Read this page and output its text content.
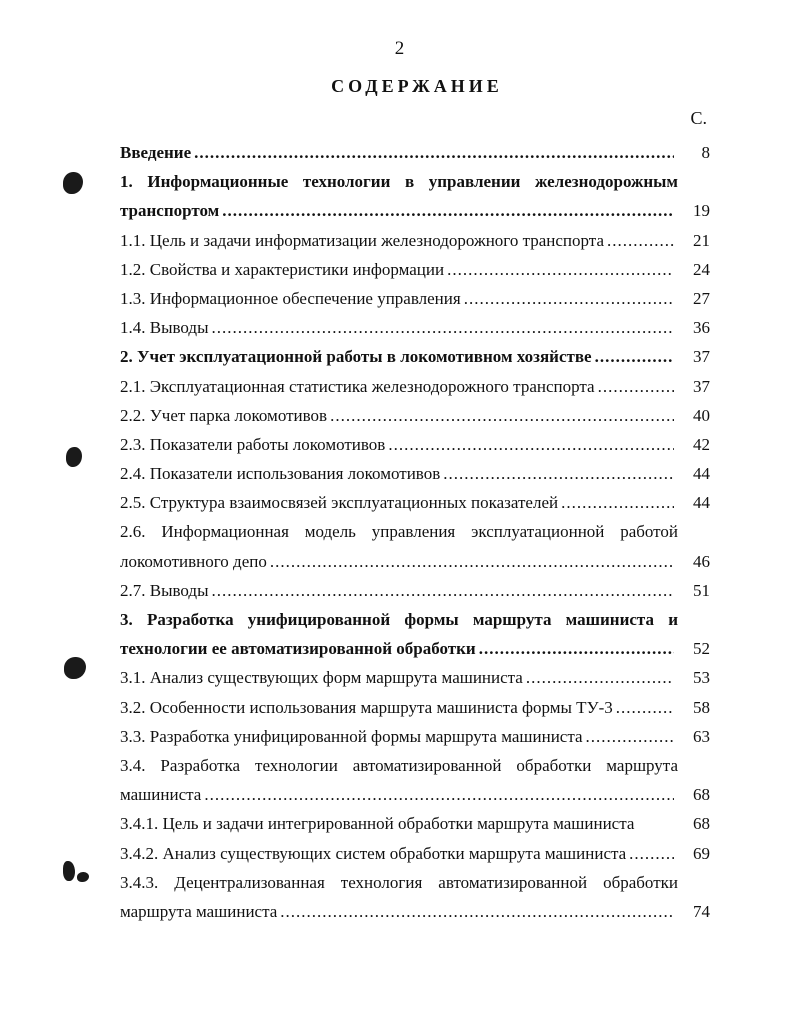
2
СОДЕРЖАНИЕ
С.
Введение .....	8
1. Информационные технологии в управлении железнодорожным
транспортом .....	19
1.1. Цель и задачи информатизации железнодорожного транспорта .....	21
1.2. Свойства и характеристики информации .....	24
1.3. Информационное обеспечение управления .....	27
1.4. Выводы .....	36
2. Учет эксплуатационной работы в локомотивном хозяйстве .....	37
2.1. Эксплуатационная статистика железнодорожного транспорта .....	37
2.2. Учет парка локомотивов .....	40
2.3. Показатели работы локомотивов .....	42
2.4. Показатели использования локомотивов .....	44
2.5. Структура взаимосвязей эксплуатационных показателей .....	44
2.6. Информационная модель управления эксплуатационной работой
локомотивного депо .....	46
2.7. Выводы .....	51
3. Разработка унифицированной формы маршрута машиниста и
технологии ее автоматизированной обработки .....	52
3.1. Анализ существующих форм маршрута машиниста .....	53
3.2. Особенности использования маршрута машиниста формы ТУ-3 .....	58
3.3. Разработка унифицированной формы маршрута машиниста .....	63
3.4. Разработка технологии автоматизированной обработки маршрута
машиниста .....	68
3.4.1. Цель и задачи интегрированной обработки маршрута машиниста	68
3.4.2. Анализ существующих систем обработки маршрута машиниста .....	69
3.4.3. Децентрализованная технология автоматизированной обработки
маршрута машиниста .....	74
